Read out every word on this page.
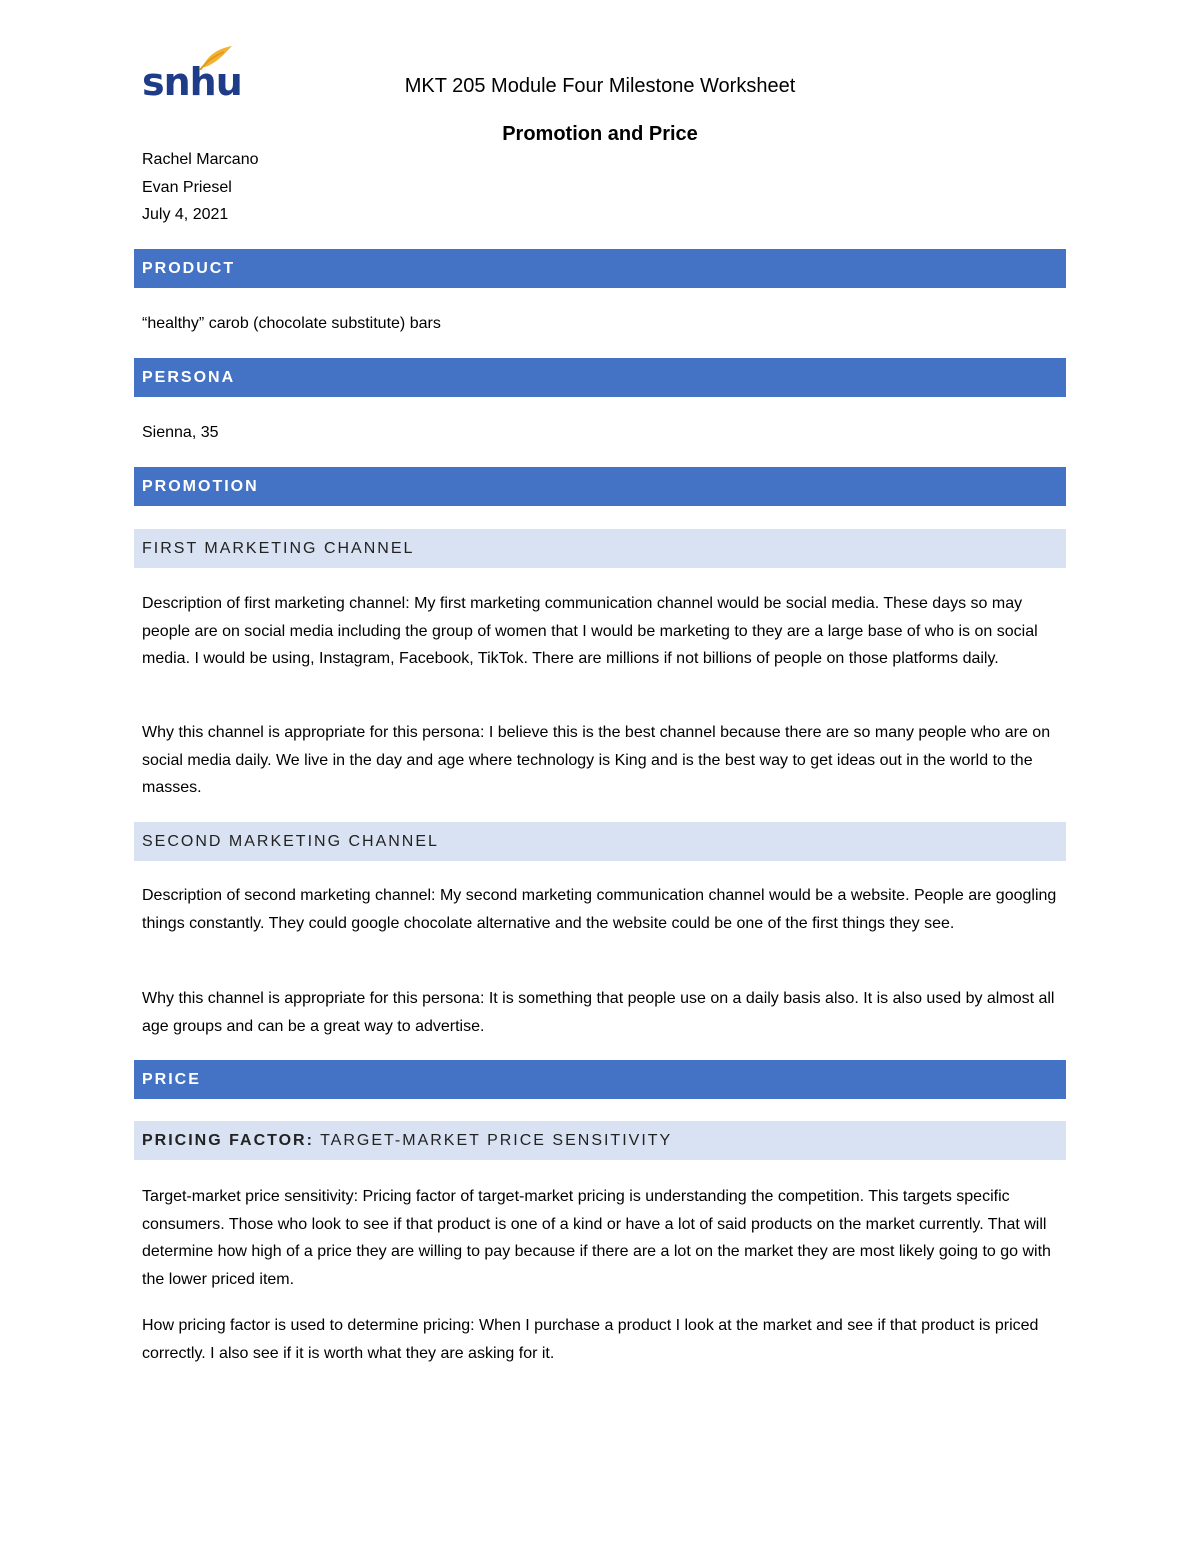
snhu	MKT 205 Module Four Milestone Worksheet
Promotion and Price
Rachel Marcano
Evan Priesel
July 4, 2021
PRODUCT
“healthy” carob (chocolate substitute) bars
PERSONA
Sienna, 35
PROMOTION
FIRST MARKETING CHANNEL
Description of first marketing channel: My first marketing communication channel would be social media. These days so may people are on social media including the group of women that I would be marketing to they are a large base of who is on social media. I would be using, Instagram, Facebook, TikTok. There are millions if not billions of people on those platforms daily.
Why this channel is appropriate for this persona: I believe this is the best channel because there are so many people who are on social media daily. We live in the day and age where technology is King and is the best way to get ideas out in the world to the masses.
SECOND MARKETING CHANNEL
Description of second marketing channel: My second marketing communication channel would be a website. People are googling things constantly. They could google chocolate alternative and the website could be one of the first things they see.
Why this channel is appropriate for this persona: It is something that people use on a daily basis also. It is also used by almost all age groups and can be a great way to advertise.
PRICE
PRICING FACTOR: TARGET-MARKET PRICE SENSITIVITY
Target-market price sensitivity: Pricing factor of target-market pricing is understanding the competition. This targets specific consumers. Those who look to see if that product is one of a kind or have a lot of said products on the market currently. That will determine how high of a price they are willing to pay because if there are a lot on the market they are most likely going to go with the lower priced item.
How pricing factor is used to determine pricing: When I purchase a product I look at the market and see if that product is priced correctly. I also see if it is worth what they are asking for it.
